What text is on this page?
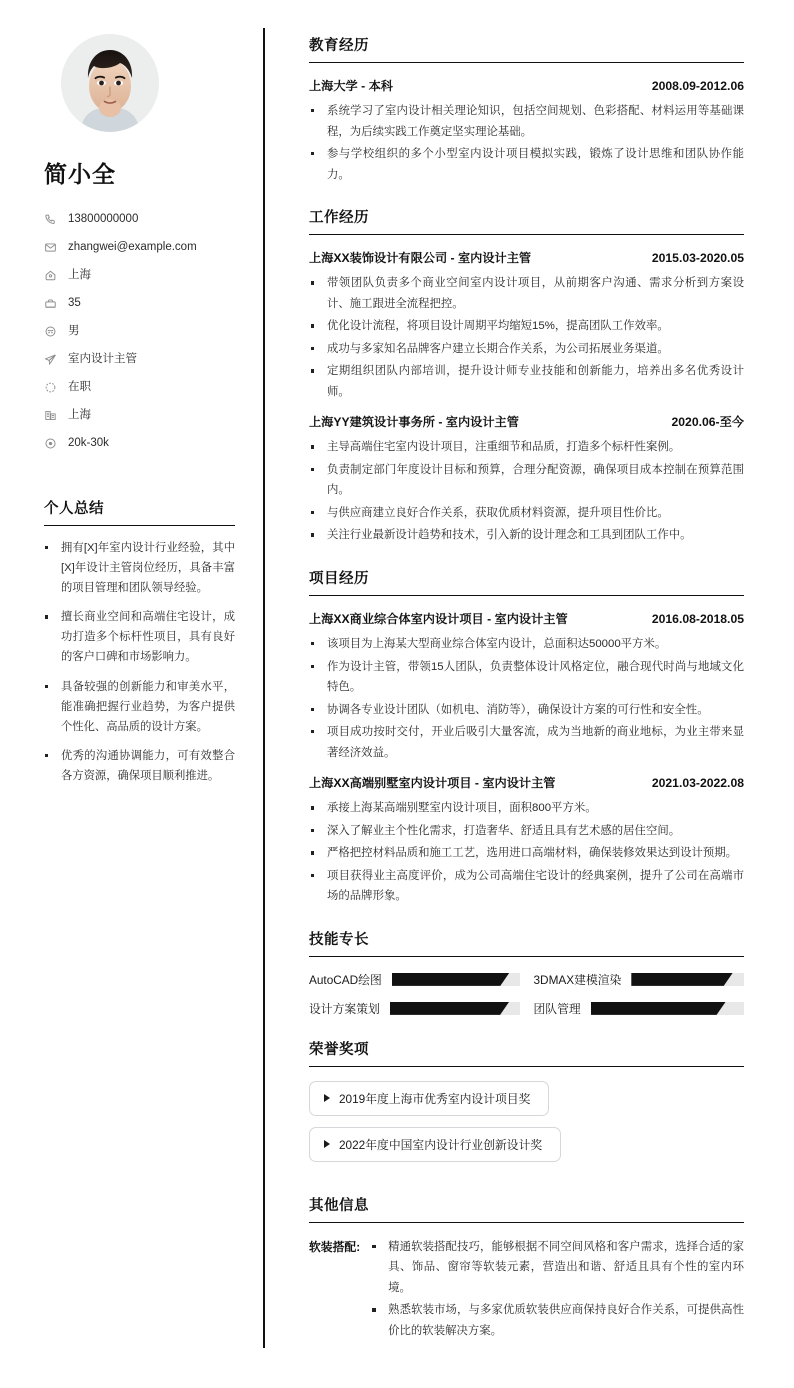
简小全
13800000000
zhangwei@example.com
上海
35
男
室内设计主管
在职
上海
20k-30k
个人总结
拥有[X]年室内设计行业经验，其中[X]年设计主管岗位经历，具备丰富的项目管理和团队领导经验。
擅长商业空间和高端住宅设计，成功打造多个标杆性项目，具有良好的客户口碑和市场影响力。
具备较强的创新能力和审美水平，能准确把握行业趋势，为客户提供个性化、高品质的设计方案。
优秀的沟通协调能力，可有效整合各方资源，确保项目顺利推进。
教育经历
上海大学 - 本科	2008.09-2012.06
系统学习了室内设计相关理论知识，包括空间规划、色彩搭配、材料运用等基础课程，为后续实践工作奠定坚实理论基础。
参与学校组织的多个小型室内设计项目模拟实践，锻炼了设计思维和团队协作能力。
工作经历
上海XX装饰设计有限公司 - 室内设计主管	2015.03-2020.05
带领团队负责多个商业空间室内设计项目，从前期客户沟通、需求分析到方案设计、施工跟进全流程把控。
优化设计流程，将项目设计周期平均缩短15%，提高团队工作效率。
成功与多家知名品牌客户建立长期合作关系，为公司拓展业务渠道。
定期组织团队内部培训，提升设计师专业技能和创新能力，培养出多名优秀设计师。
上海YY建筑设计事务所 - 室内设计主管	2020.06-至今
主导高端住宅室内设计项目，注重细节和品质，打造多个标杆性案例。
负责制定部门年度设计目标和预算，合理分配资源，确保项目成本控制在预算范围内。
与供应商建立良好合作关系，获取优质材料资源，提升项目性价比。
关注行业最新设计趋势和技术，引入新的设计理念和工具到团队工作中。
项目经历
上海XX商业综合体室内设计项目 - 室内设计主管	2016.08-2018.05
该项目为上海某大型商业综合体室内设计，总面积达50000平方米。
作为设计主管，带领15人团队，负责整体设计风格定位，融合现代时尚与地域文化特色。
协调各专业设计团队（如机电、消防等），确保设计方案的可行性和安全性。
项目成功按时交付，开业后吸引大量客流，成为当地新的商业地标，为业主带来显著经济效益。
上海XX高端别墅室内设计项目 - 室内设计主管	2021.03-2022.08
承接上海某高端别墅室内设计项目，面积800平方米。
深入了解业主个性化需求，打造奢华、舒适且具有艺术感的居住空间。
严格把控材料品质和施工工艺，选用进口高端材料，确保装修效果达到设计预期。
项目获得业主高度评价，成为公司高端住宅设计的经典案例，提升了公司在高端市场的品牌形象。
技能专长
AutoCAD绘图	3DMAX建模渲染
设计方案策划	团队管理
荣誉奖项
2019年度上海市优秀室内设计项目奖
2022年度中国室内设计行业创新设计奖
其他信息
软装搭配:	精通软装搭配技巧，能够根据不同空间风格和客户需求，选择合适的家具、饰品、窗帘等软装元素，营造出和谐、舒适且具有个性的室内环境。
熟悉软装市场，与多家优质软装供应商保持良好合作关系，可提供高性价比的软装解决方案。
